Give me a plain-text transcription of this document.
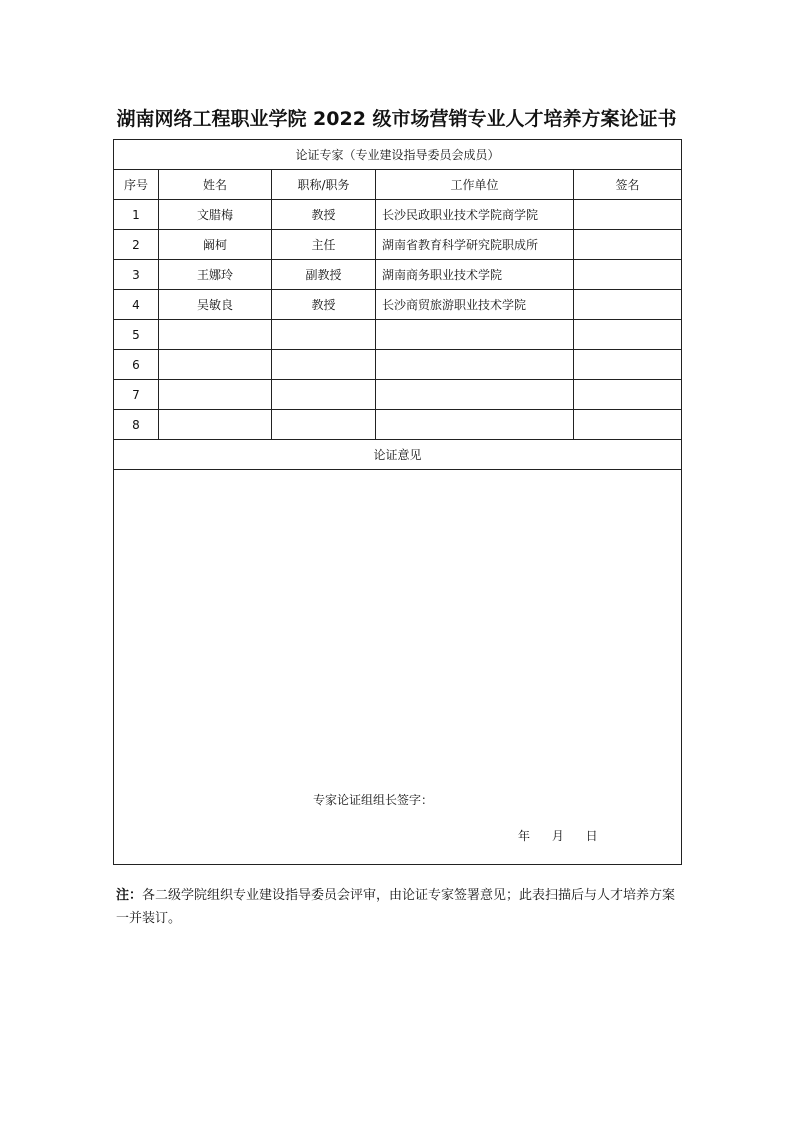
湖南网络工程职业学院 2022 级市场营销专业人才培养方案论证书
论证专家（专业建设指导委员会成员）				
序号	姓名	职称/职务	工作单位	签名
1	文腊梅	教授	长沙民政职业技术学院商学院	
2	阚柯	主任	湖南省教育科学研究院职成所	
3	王娜玲	副教授	湖南商务职业技术学院	
4	吴敏良	教授	长沙商贸旅游职业技术学院	
5				
6				
7				
8				
论证意见				

专家论证组组长签字：
年 月 日				
注：各二级学院组织专业建设指导委员会评审，由论证专家签署意见；此表扫描后与人才培养方案一并装订。
